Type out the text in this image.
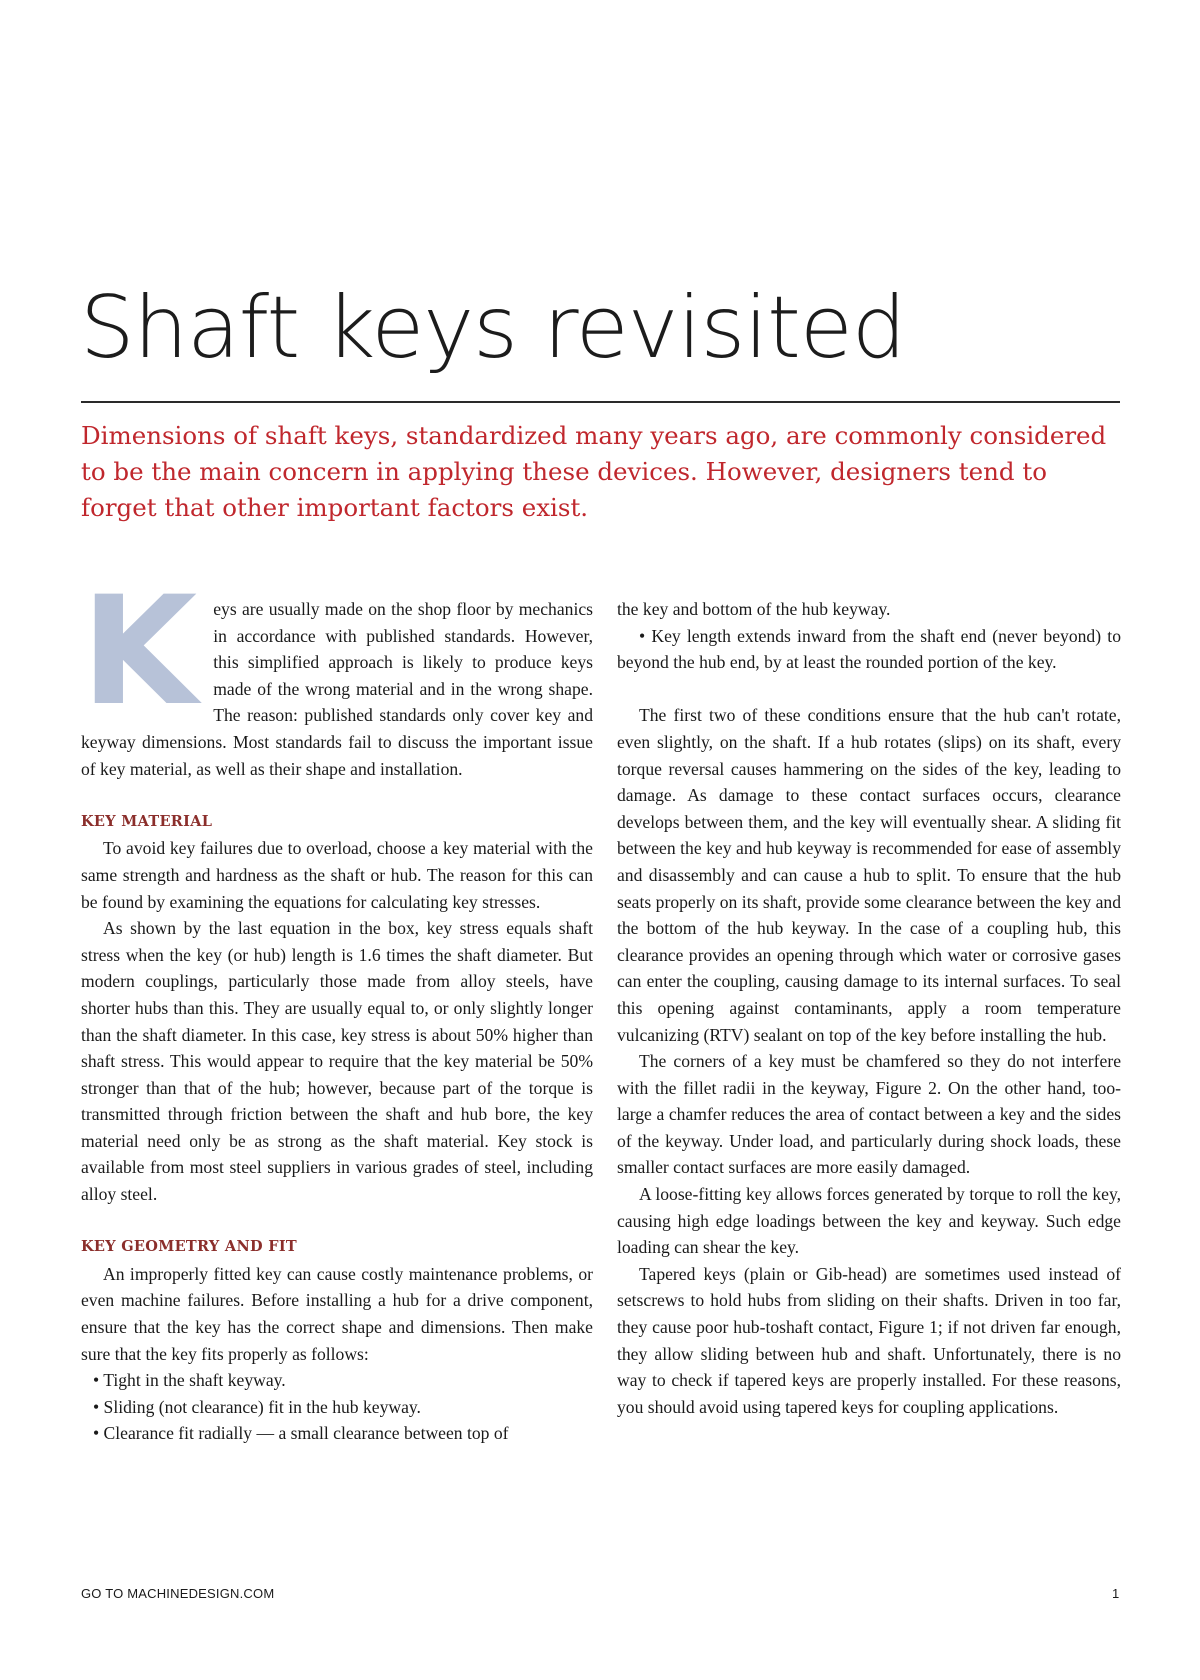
Shaft keys revisited

Dimensions of shaft keys, standardized many years ago, are commonly considered to be the main concern in applying these devices. However, designers tend to forget that other important factors exist.

Keys are usually made on the shop floor by mechanics in accordance with published standards. However, this simplified approach is likely to produce keys made of the wrong material and in the wrong shape. The reason: published standards only cover key and keyway dimensions. Most standards fail to discuss the important issue of key material, as well as their shape and installation.

KEY MATERIAL

To avoid key failures due to overload, choose a key material with the same strength and hardness as the shaft or hub. The reason for this can be found by examining the equations for calculating key stresses.

As shown by the last equation in the box, key stress equals shaft stress when the key (or hub) length is 1.6 times the shaft diameter. But modern couplings, particularly those made from alloy steels, have shorter hubs than this. They are usually equal to, or only slightly longer than the shaft diameter. In this case, key stress is about 50% higher than shaft stress. This would appear to require that the key material be 50% stronger than that of the hub; however, because part of the torque is transmitted through friction between the shaft and hub bore, the key material need only be as strong as the shaft material. Key stock is available from most steel suppliers in various grades of steel, including alloy steel.

KEY GEOMETRY AND FIT

An improperly fitted key can cause costly maintenance problems, or even machine failures. Before installing a hub for a drive component, ensure that the key has the correct shape and dimensions. Then make sure that the key fits properly as follows:

• Tight in the shaft keyway.

• Sliding (not clearance) fit in the hub keyway.

• Clearance fit radially — a small clearance between top of

the key and bottom of the hub keyway.

• Key length extends inward from the shaft end (never beyond) to beyond the hub end, by at least the rounded portion of the key.

The first two of these conditions ensure that the hub can't rotate, even slightly, on the shaft. If a hub rotates (slips) on its shaft, every torque reversal causes hammering on the sides of the key, leading to damage. As damage to these contact surfaces occurs, clearance develops between them, and the key will eventually shear. A sliding fit between the key and hub keyway is recommended for ease of assembly and disassembly and can cause a hub to split. To ensure that the hub seats properly on its shaft, provide some clearance between the key and the bottom of the hub keyway. In the case of a coupling hub, this clearance provides an opening through which water or corrosive gases can enter the coupling, causing damage to its internal surfaces. To seal this opening against contaminants, apply a room temperature vulcanizing (RTV) sealant on top of the key before installing the hub.

The corners of a key must be chamfered so they do not interfere with the fillet radii in the keyway, Figure 2. On the other hand, too-large a chamfer reduces the area of contact between a key and the sides of the keyway. Under load, and particularly during shock loads, these smaller contact surfaces are more easily damaged.

A loose-fitting key allows forces generated by torque to roll the key, causing high edge loadings between the key and keyway. Such edge loading can shear the key.

Tapered keys (plain or Gib-head) are sometimes used instead of setscrews to hold hubs from sliding on their shafts. Driven in too far, they cause poor hub-toshaft contact, Figure 1; if not driven far enough, they allow sliding between hub and shaft. Unfortunately, there is no way to check if tapered keys are properly installed. For these reasons, you should avoid using tapered keys for coupling applications.

GO TO MACHINEDESIGN.COM	1
